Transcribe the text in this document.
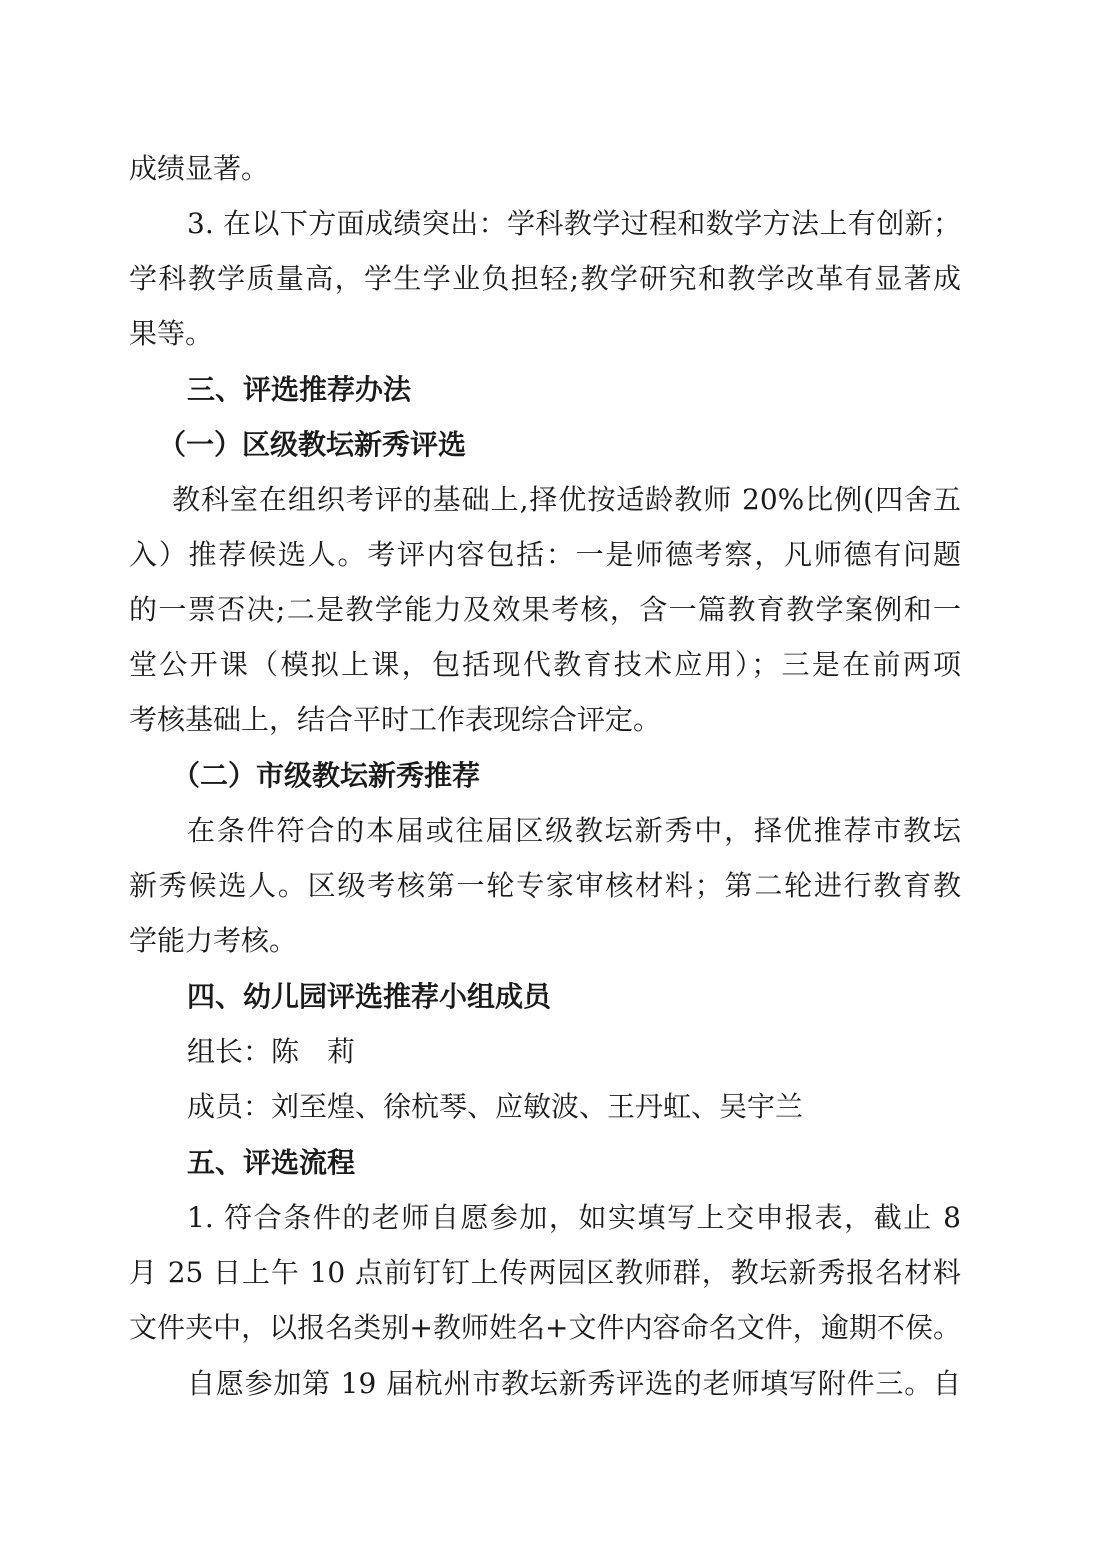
成绩显著。
3. 在以下方面成绩突出：学科教学过程和数学方法上有创新；
学科教学质量高，学生学业负担轻;教学研究和教学改革有显著成
果等。
三、评选推荐办法
（一）区级教坛新秀评选
教科室在组织考评的基础上,择优按适龄教师 20%比例(四舍五
入）推荐候选人。考评内容包括：一是师德考察，凡师德有问题
的一票否决;二是教学能力及效果考核，含一篇教育教学案例和一
堂公开课（模拟上课，包括现代教育技术应用）；三是在前两项
考核基础上，结合平时工作表现综合评定。
（二）市级教坛新秀推荐
在条件符合的本届或往届区级教坛新秀中，择优推荐市教坛
新秀候选人。区级考核第一轮专家审核材料；第二轮进行教育教
学能力考核。
四、幼儿园评选推荐小组成员
组长：陈　莉
成员：刘至煌、徐杭琴、应敏波、王丹虹、吴宇兰
五、评选流程
1. 符合条件的老师自愿参加，如实填写上交申报表，截止 8
月 25 日上午 10 点前钉钉上传两园区教师群，教坛新秀报名材料
文件夹中，以报名类别+教师姓名+文件内容命名文件，逾期不侯。
自愿参加第 19 届杭州市教坛新秀评选的老师填写附件三。自
